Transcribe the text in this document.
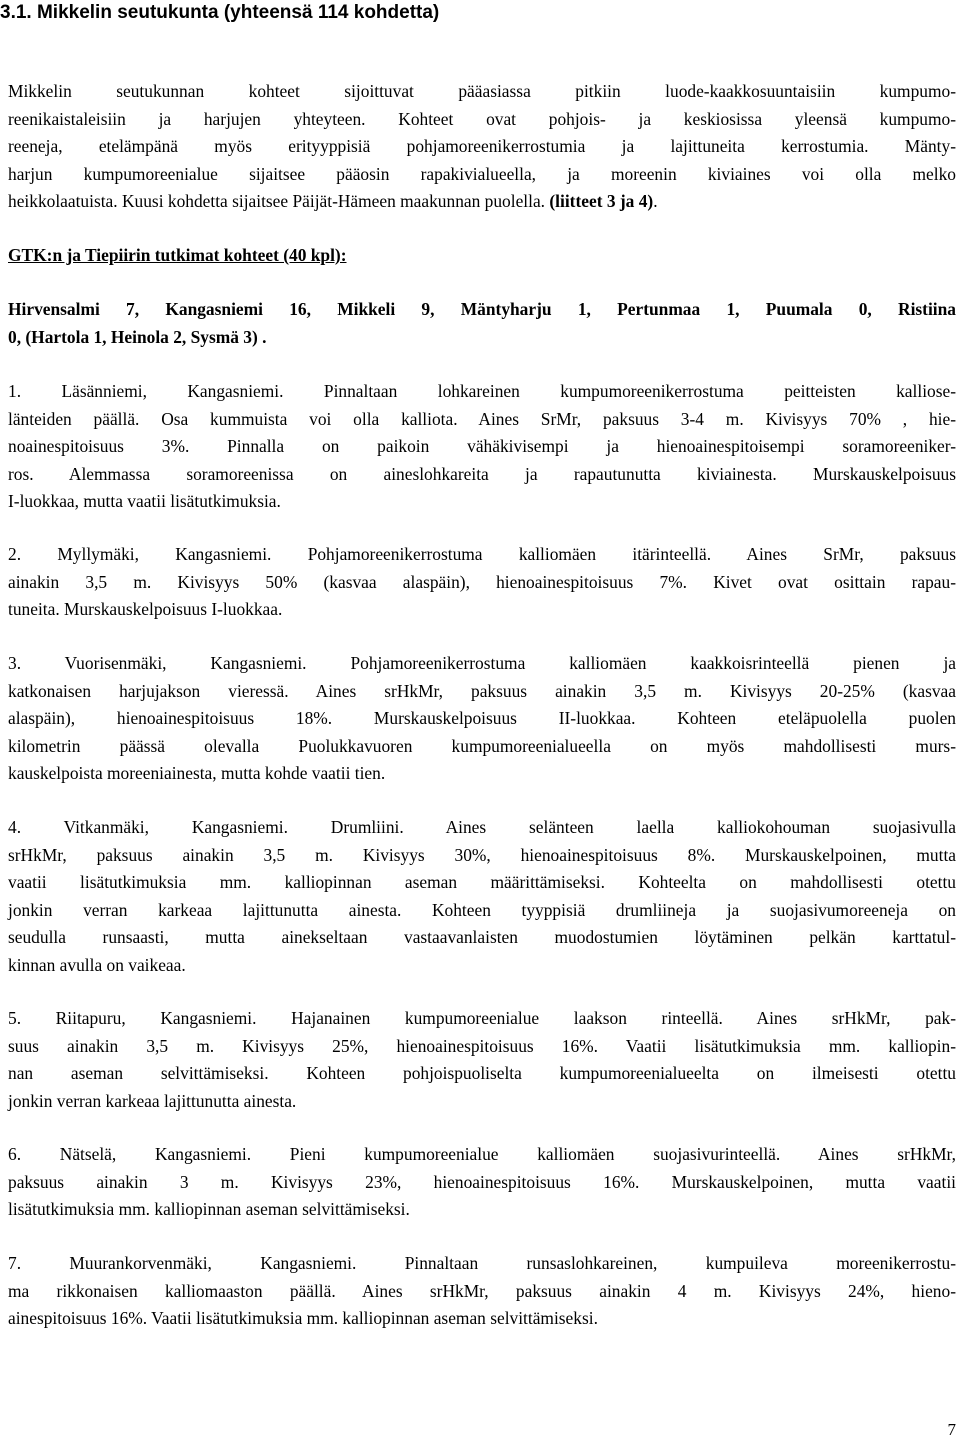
3.1. Mikkelin seutukunta (yhteensä 114 kohdetta)

Mikkelin seutukunnan kohteet sijoittuvat pääasiassa pitkiin luode-kaakkosuuntaisiin kumpumo-
reenikaistaleisiin ja harjujen yhteyteen. Kohteet ovat pohjois- ja keskiosissa yleensä kumpumo-
reeneja, etelämpänä myös erityyppisiä pohjamoreenikerrostumia ja lajittuneita kerrostumia. Mänty-
harjun kumpumoreenialue sijaitsee pääosin rapakivialueella, ja moreenin kiviaines voi olla melko
heikkolaatuista. Kuusi kohdetta sijaitsee Päijät-Hämeen maakunnan puolella. (liitteet 3 ja 4).

GTK:n ja Tiepiirin tutkimat kohteet (40 kpl):

Hirvensalmi 7, Kangasniemi 16, Mikkeli 9, Mäntyharju 1, Pertunmaa 1, Puumala 0, Ristiina
0, (Hartola 1, Heinola 2, Sysmä 3) .

1. Läsänniemi, Kangasniemi. Pinnaltaan lohkareinen kumpumoreenikerrostuma peitteisten kalliose-
länteiden päällä. Osa kummuista voi olla kalliota. Aines SrMr, paksuus 3-4 m. Kivisyys 70% , hie-
noainespitoisuus 3%. Pinnalla on paikoin vähäkivisempi ja hienoainespitoisempi soramoreeniker-
ros. Alemmassa soramoreenissa on aineslohkareita ja rapautunutta kiviainesta. Murskauskelpoisuus
I-luokkaa, mutta vaatii lisätutkimuksia.

2. Myllymäki, Kangasniemi. Pohjamoreenikerrostuma kalliomäen itärinteellä. Aines SrMr, paksuus
ainakin 3,5 m. Kivisyys 50% (kasvaa alaspäin), hienoainespitoisuus 7%. Kivet ovat osittain rapau-
tuneita. Murskauskelpoisuus I-luokkaa.

3. Vuorisenmäki, Kangasniemi. Pohjamoreenikerrostuma kalliomäen kaakkoisrinteellä pienen ja
katkonaisen harjujakson vieressä. Aines srHkMr, paksuus ainakin 3,5 m. Kivisyys 20-25% (kasvaa
alaspäin), hienoainespitoisuus 18%. Murskauskelpoisuus II-luokkaa. Kohteen eteläpuolella puolen
kilometrin päässä olevalla Puolukkavuoren kumpumoreenialueella on myös mahdollisesti murs-
kauskelpoista moreeniainesta, mutta kohde vaatii tien.

4. Vitkanmäki, Kangasniemi. Drumliini. Aines selänteen laella kalliokohouman suojasivulla
srHkMr, paksuus ainakin 3,5 m. Kivisyys 30%, hienoainespitoisuus 8%. Murskauskelpoinen, mutta
vaatii lisätutkimuksia mm. kalliopinnan aseman määrittämiseksi. Kohteelta on mahdollisesti otettu
jonkin verran karkeaa lajittunutta ainesta. Kohteen tyyppisiä drumliineja ja suojasivumoreeneja on
seudulla runsaasti, mutta ainekseltaan vastaavanlaisten muodostumien löytäminen pelkän karttatul-
kinnan avulla on vaikeaa.

5. Riitapuru, Kangasniemi. Hajanainen kumpumoreenialue laakson rinteellä. Aines srHkMr, pak-
suus ainakin 3,5 m. Kivisyys 25%, hienoainespitoisuus 16%. Vaatii lisätutkimuksia mm. kalliopin-
nan aseman selvittämiseksi. Kohteen pohjoispuoliselta kumpumoreenialueelta on ilmeisesti otettu
jonkin verran karkeaa lajittunutta ainesta.

6. Nätselä, Kangasniemi. Pieni kumpumoreenialue kalliomäen suojasivurinteellä. Aines srHkMr,
paksuus ainakin 3 m. Kivisyys 23%, hienoainespitoisuus 16%. Murskauskelpoinen, mutta vaatii
lisätutkimuksia mm. kalliopinnan aseman selvittämiseksi.

7. Muurankorvenmäki, Kangasniemi. Pinnaltaan runsaslohkareinen, kumpuileva moreenikerrostu-
ma rikkonaisen kalliomaaston päällä. Aines srHkMr, paksuus ainakin 4 m. Kivisyys 24%, hieno-
ainespitoisuus 16%. Vaatii lisätutkimuksia mm. kalliopinnan aseman selvittämiseksi.

7
